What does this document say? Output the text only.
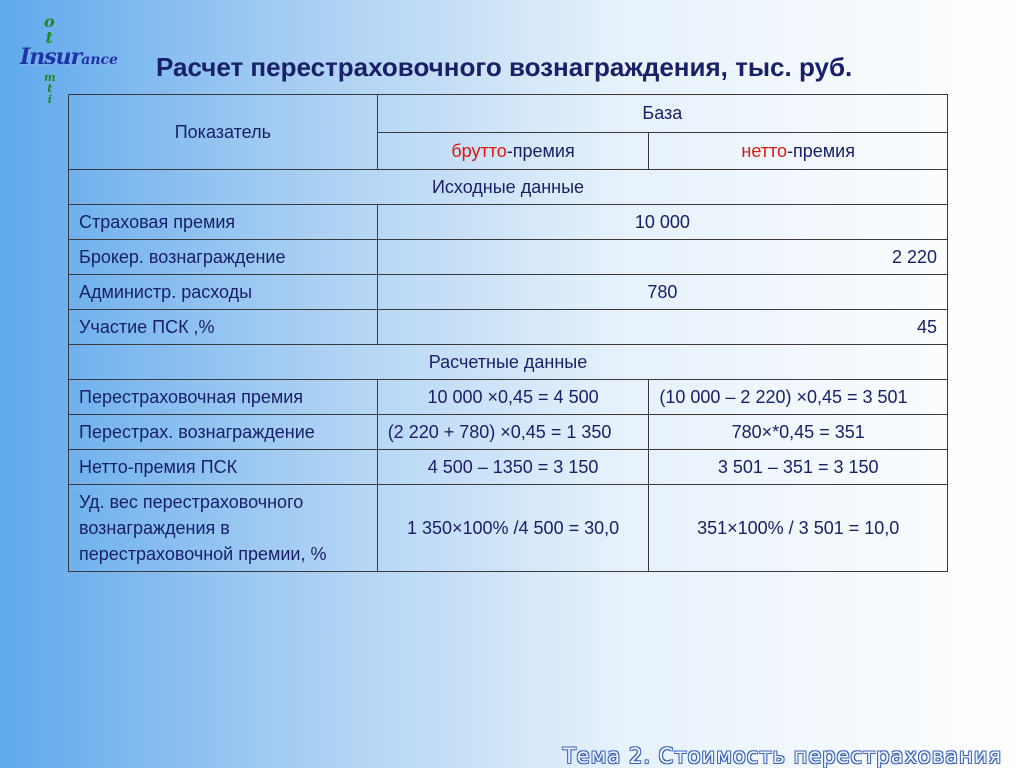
o
t
Insurance
m
t
i
Расчет перестраховочного вознаграждения, тыс. руб.
Показатель	База	
	брутто-премия	нетто-премия
Исходные данные		
Страховая премия	10 000	
Брокер. вознаграждение	2 220	
Администр. расходы	780	
Участие ПСК ,%	45	
Расчетные данные		
Перестраховочная премия	10 000 ×0,45 = 4 500	(10 000 – 2 220) ×0,45 = 3 501
Перестрах. вознаграждение	(2 220 + 780) ×0,45 = 1 350	780×*0,45 = 351
Нетто-премия ПСК	4 500 – 1350 = 3 150	3 501 – 351 = 3 150
Уд. вес перестраховочного вознаграждения в перестраховочной премии, %	1 350×100% /4 500 = 30,0	351×100% / 3 501 = 10,0
Тема 2. Стоимость перестрахования
